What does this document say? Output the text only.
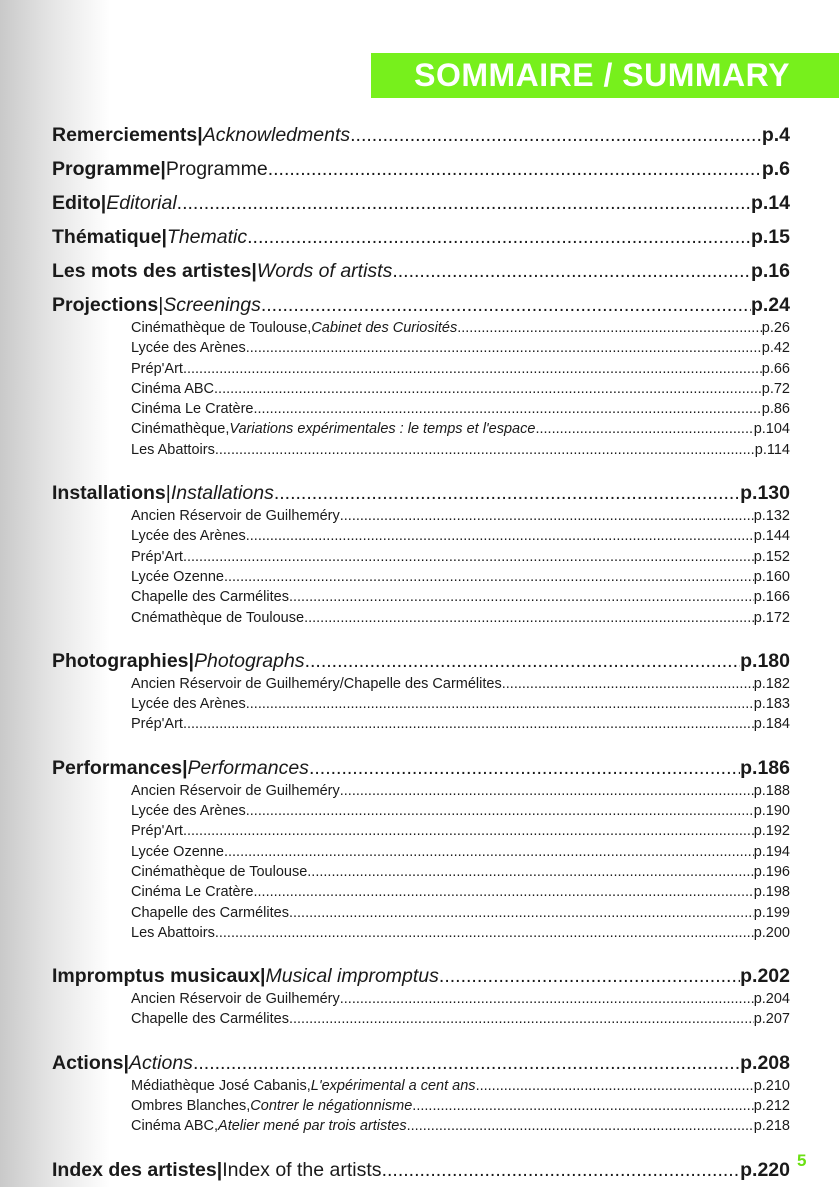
SOMMAIRE / SUMMARY
Remerciements | Acknowledments .....	p.4
Programme | Programme .....	p.6
Edito | Editorial .....	p.14
Thématique | Thematic .....	p.15
Les mots des artistes | Words of artists .....	p.16
Projections | Screenings .....	p.24
Cinémathèque de Toulouse , Cabinet des Curiosités .....	p.26
Lycée des Arènes .....	p.42
Prép'Art .....	p.66
Cinéma ABC .....	p.72
Cinéma Le Cratère .....	p.86
Cinémathèque , Variations expérimentales : le temps et l'espace .....	p.104
Les Abattoirs .....	p.114
Installations | Installations .....	p.130
Ancien Réservoir de Guilheméry .....	p.132
Lycée des Arènes .....	p.144
Prép'Art .....	p.152
Lycée Ozenne .....	p.160
Chapelle des Carmélites .....	p.166
Cnémathèque de Toulouse .....	p.172
Photographies | Photographs .....	p.180
Ancien Réservoir de Guilheméry/Chapelle des Carmélites .....	p.182
Lycée des Arènes .....	p.183
Prép'Art .....	p.184
Performances | Performances .....	p.186
Ancien Réservoir de Guilheméry .....	p.188
Lycée des Arènes .....	p.190
Prép'Art .....	p.192
Lycée Ozenne .....	p.194
Cinémathèque de Toulouse .....	p.196
Cinéma Le Cratère .....	p.198
Chapelle des Carmélites .....	p.199
Les Abattoirs .....	p.200
Impromptus musicaux | Musical impromptus .....	p.202
Ancien Réservoir de Guilheméry .....	p.204
Chapelle des Carmélites .....	p.207
Actions | Actions .....	p.208
Médiathèque José Cabanis , L'expérimental a cent ans .....	p.210
Ombres Blanches , Contrer le négationnisme .....	p.212
Cinéma ABC , Atelier mené par trois artistes .....	p.218
Index des artistes | Index of the artists .....	p.220 5
